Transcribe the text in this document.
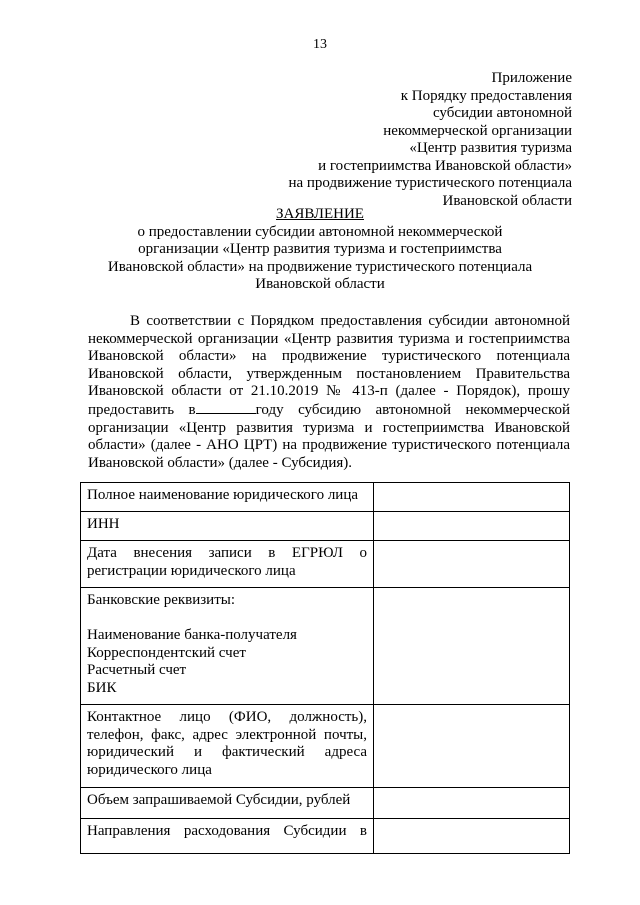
13
Приложение
к Порядку предоставления
субсидии автономной
некоммерческой организации
«Центр развития туризма
и гостеприимства Ивановской области»
на продвижение туристического потенциала
Ивановской области
ЗАЯВЛЕНИЕ
о предоставлении субсидии автономной некоммерческой
организации «Центр развития туризма и гостеприимства
Ивановской области» на продвижение туристического потенциала
Ивановской области
В соответствии с Порядком предоставления субсидии автономной
некоммерческой организации «Центр развития туризма и гостеприимства
Ивановской области» на продвижение туристического потенциала
Ивановской области, утвержденным постановлением Правительства
Ивановской области от 21.10.2019 № 413-п (далее - Порядок), прошу
предоставить в	году субсидию автономной некоммерческой
организации «Центр развития туризма и гостеприимства Ивановской
области» (далее - АНО ЦРТ) на продвижение туристического потенциала
Ивановской области» (далее - Субсидия).
Полное наименование юридического лица	

ИНН	

Дата внесения записи в ЕГРЮЛ о
регистрации юридического лица	

Банковские реквизиты:
Наименование банка-получателя
Корреспондентский счет
Расчетный счет
БИК	

Контактное лицо (ФИО, должность),
телефон, факс, адрес электронной почты,
юридический и фактический адреса
юридического лица	

Объем запрашиваемой Субсидии, рублей	

Направления расходования Субсидии в	
